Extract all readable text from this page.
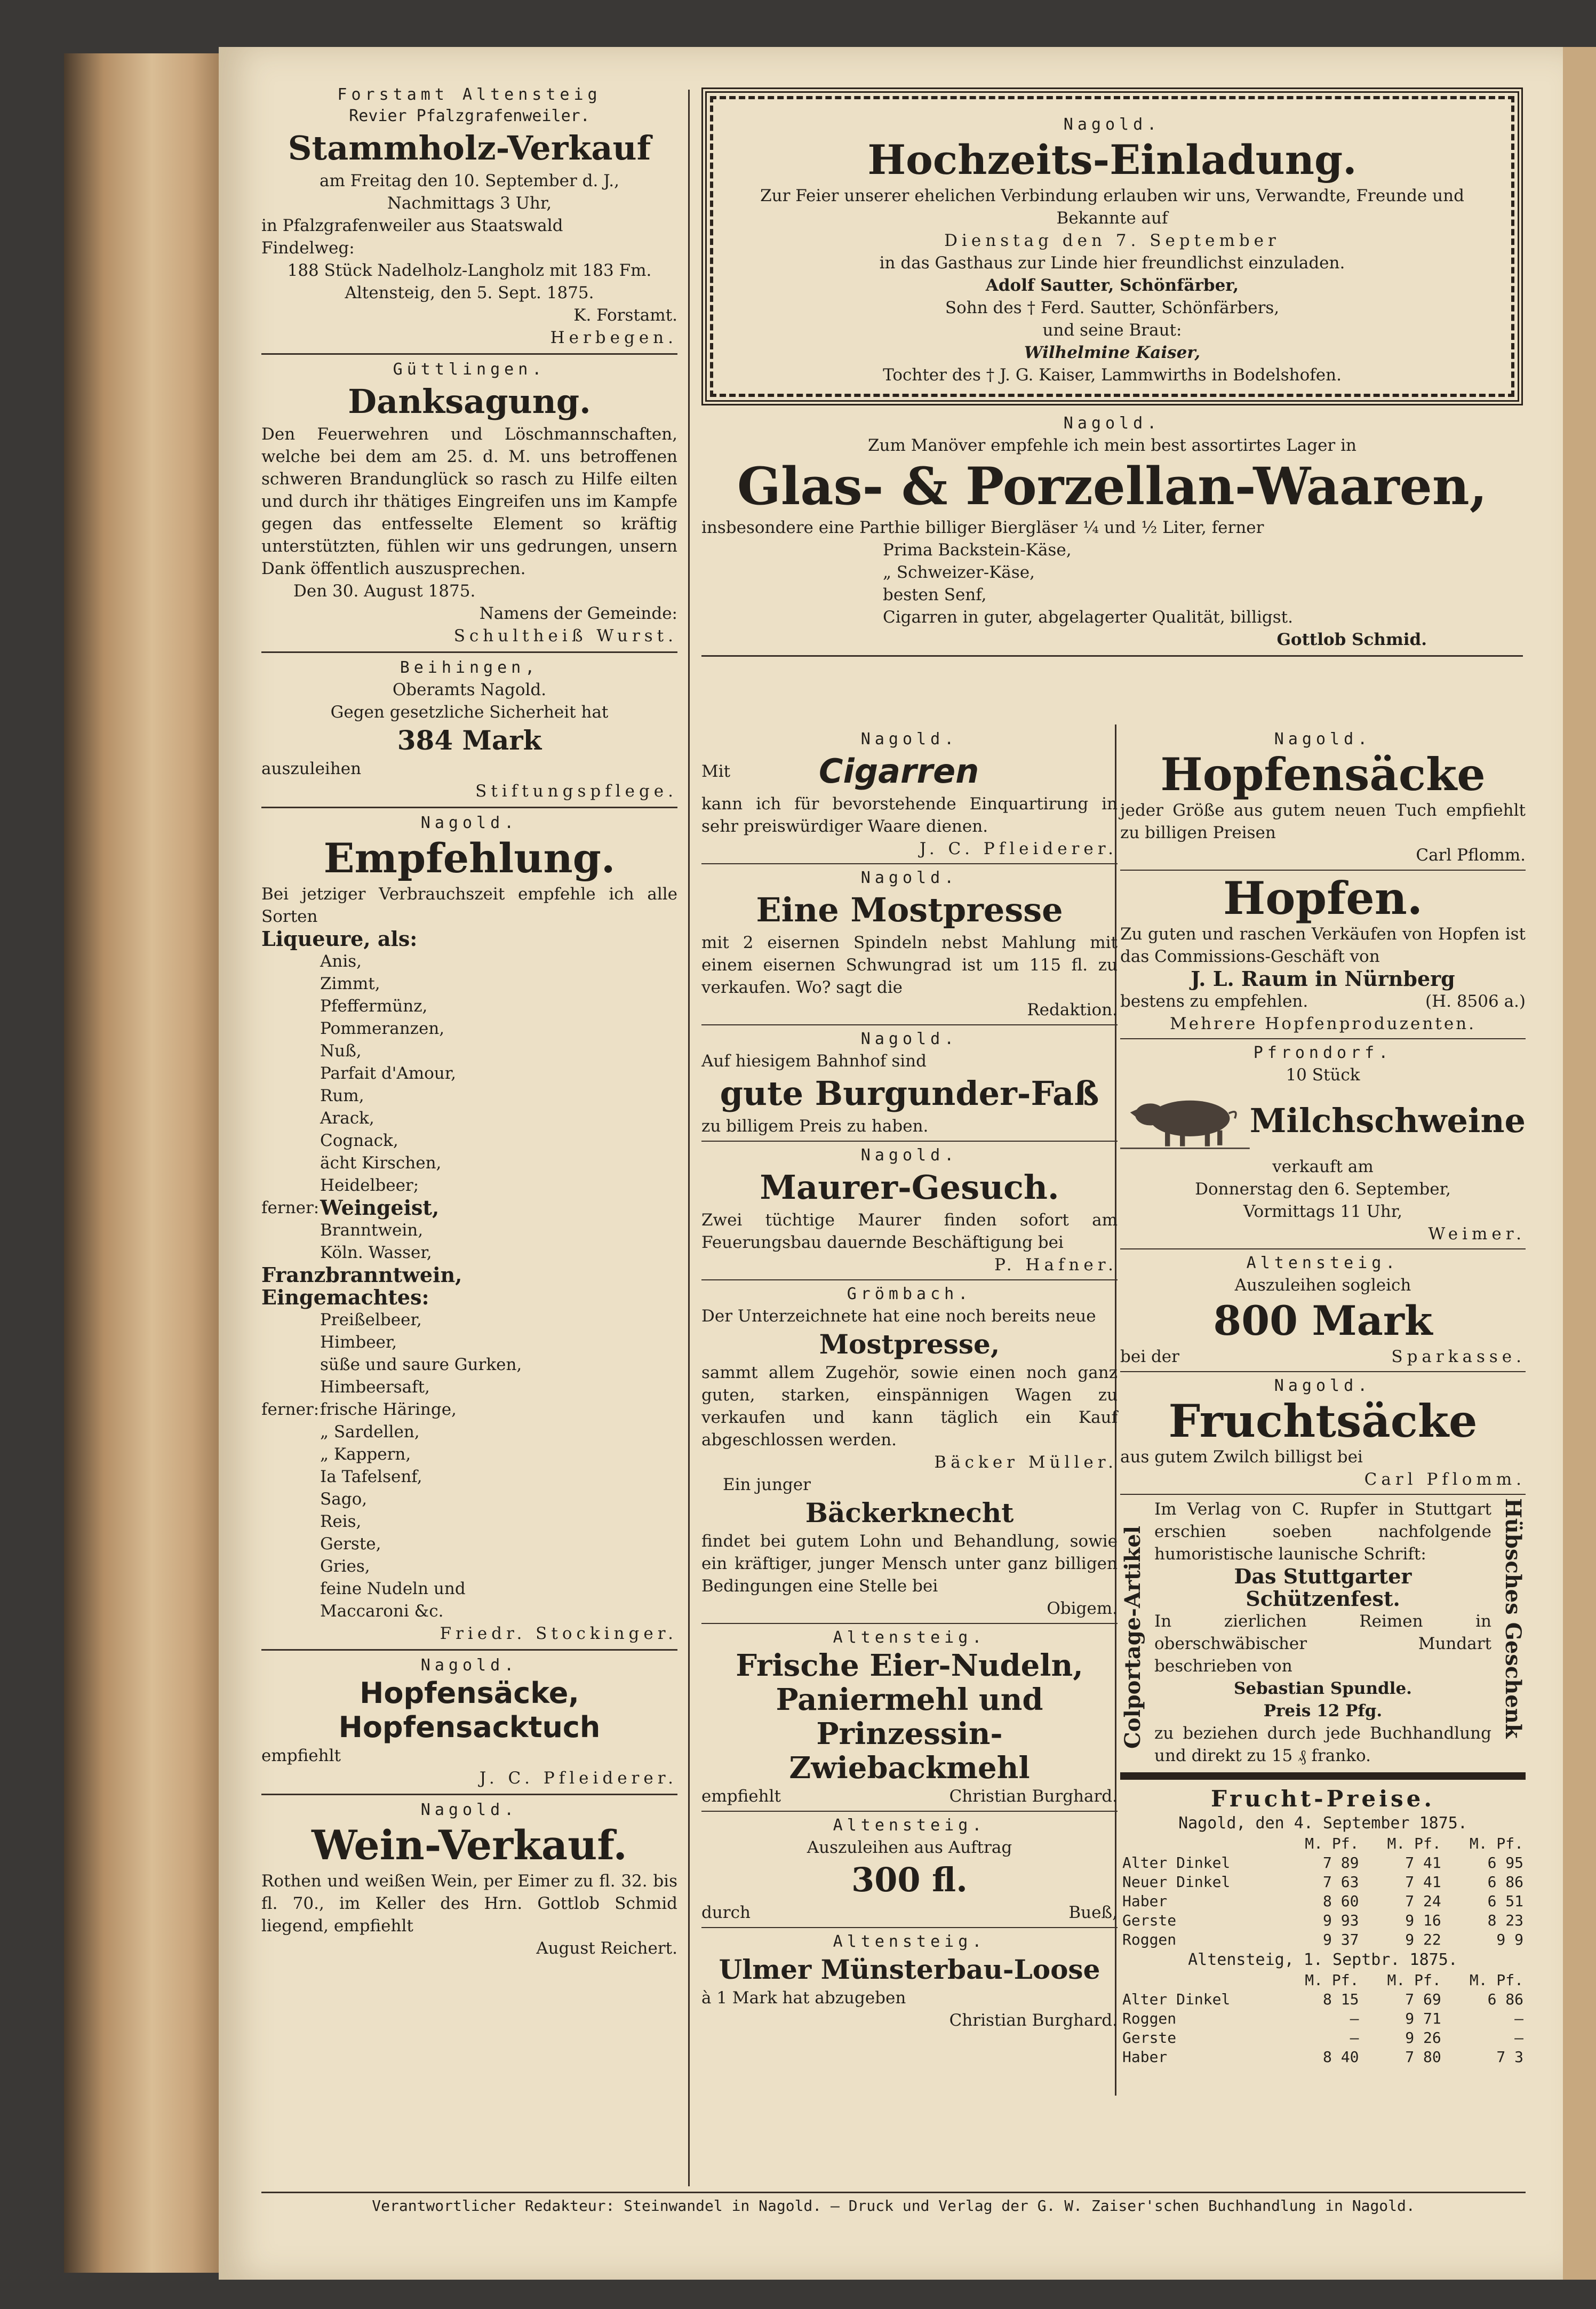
Forstamt Altensteig
Revier Pfalzgrafenweiler.
Stammholz-Verkauf
am Freitag den 10. September d. J.,
Nachmittags 3 Uhr,
in Pfalzgrafenweiler aus Staatswald
Findelweg:
188 Stück Nadelholz-Langholz mit 183 Fm.
Altensteig, den 5. Sept. 1875.
K. Forstamt.
Herbegen.
Güttlingen.
Danksagung.
Den Feuerwehren und Löschmannschaften, welche bei dem am 25. d. M. uns betroffenen schweren Brandunglück so rasch zu Hilfe eilten und durch ihr thätiges Eingreifen uns im Kampfe gegen das entfesselte Element so kräftig unterstützten, fühlen wir uns gedrungen, unsern Dank öffentlich auszusprechen.
Den 30. August 1875.
Namens der Gemeinde:
Schultheiß Wurst.
Beihingen,
Oberamts Nagold.
Gegen gesetzliche Sicherheit hat
384 Mark
auszuleihen
Stiftungspflege.
Nagold.
Empfehlung.
Bei jetziger Verbrauchszeit empfehle ich alle Sorten
Liqueure, als:
Anis,
Zimmt,
Pfeffermünz,
Pommeranzen,
Nuß,
Parfait d'Amour,
Rum,
Arack,
Cognack,
ächt Kirschen,
Heidelbeer;
ferner: Weingeist,
Branntwein,
Köln. Wasser,
Franzbranntwein,
Eingemachtes:
Preißelbeer,
Himbeer,
süße und saure Gurken,
Himbeersaft,
ferner: frische Häringe,
„ Sardellen,
„ Kappern,
Ia Tafelsenf,
Sago,
Reis,
Gerste,
Gries,
feine Nudeln und
Maccaroni &c.
Friedr. Stockinger.
Nagold.
Hopfensäcke,
Hopfensacktuch
empfiehlt
J. C. Pfleiderer.
Nagold.
Wein-Verkauf.
Rothen und weißen Wein, per Eimer zu fl. 32. bis fl. 70., im Keller des Hrn. Gottlob Schmid liegend, empfiehlt
August Reichert.
Nagold.
Hochzeits-Einladung.
Zur Feier unserer ehelichen Verbindung erlauben wir uns, Verwandte, Freunde und Bekannte auf
Dienstag den 7. September
in das Gasthaus zur Linde hier freundlichst einzuladen.
Adolf Sautter, Schönfärber,
Sohn des † Ferd. Sautter, Schönfärbers,
und seine Braut:
Wilhelmine Kaiser,
Tochter des † J. G. Kaiser, Lammwirths in Bodelshofen.
Nagold.
Zum Manöver empfehle ich mein best assortirtes Lager in
Glas- & Porzellan-Waaren,
insbesondere eine Parthie billiger Biergläser ¼ und ½ Liter, ferner
Prima Backstein-Käse,
„ Schweizer-Käse,
besten Senf,
Cigarren in guter, abgelagerter Qualität, billigst.
Gottlob Schmid.
Nagold.
Mit	Cigarren
kann ich für bevorstehende Einquartirung in sehr preiswürdiger Waare dienen.
J. C. Pfleiderer.
Nagold.
Eine Mostpresse
mit 2 eisernen Spindeln nebst Mahlung mit einem eisernen Schwungrad ist um 115 fl. zu verkaufen. Wo? sagt die
Redaktion.
Nagold.
Auf hiesigem Bahnhof sind
gute Burgunder-Faß
zu billigem Preis zu haben.
Nagold.
Maurer-Gesuch.
Zwei tüchtige Maurer finden sofort am Feuerungsbau dauernde Beschäftigung bei
P. Hafner.
Grömbach.
Der Unterzeichnete hat eine noch bereits neue
Mostpresse,
sammt allem Zugehör, sowie einen noch ganz guten, starken, einspännigen Wagen zu verkaufen und kann täglich ein Kauf abgeschlossen werden.
Bäcker Müller.
Ein junger
Bäckerknecht
findet bei gutem Lohn und Behandlung, sowie ein kräftiger, junger Mensch unter ganz billigen Bedingungen eine Stelle bei
Obigem.
Altensteig.
Frische Eier-Nudeln,
Paniermehl und
Prinzessin-Zwiebackmehl
empfiehlt	Christian Burghard.
Altensteig.
Auszuleihen aus Auftrag
300 fl.
durch	Bueß,
Altensteig.
Ulmer Münsterbau-Loose
à 1 Mark hat abzugeben
Christian Burghard.
Nagold.
Hopfensäcke
jeder Größe aus gutem neuen Tuch empfiehlt zu billigen Preisen
Carl Pflomm.
Hopfen.
Zu guten und raschen Verkäufen von Hopfen ist das Commissions-Geschäft von
J. L. Raum in Nürnberg
bestens zu empfehlen.	(H. 8506 a.)
Mehrere Hopfenproduzenten.
Pfrondorf.
10 Stück
Milchschweine
verkauft am
Donnerstag den 6. September,
Vormittags 11 Uhr,
Weimer.
Altensteig.
Auszuleihen sogleich
800 Mark
bei der	Sparkasse.
Nagold.
Fruchtsäcke
aus gutem Zwilch billigst bei
Carl Pflomm.
Colportage-Artikel	Hübsches Geschenk
Im Verlag von C. Rupfer in Stuttgart erschien soeben nachfolgende humoristische launische Schrift:
Das Stuttgarter Schützenfest.
In zierlichen Reimen in oberschwäbischer Mundart beschrieben von
Sebastian Spundle.
Preis 12 Pfg.
zu beziehen durch jede Buchhandlung und direkt zu 15 ₰ franko.
Frucht-Preise.
Nagold, den 4. September 1875.
	M. Pf.	M. Pf.	M. Pf.
Alter Dinkel	7 89	7 41	6 95
Neuer Dinkel	7 63	7 41	6 86
Haber	8 60	7 24	6 51
Gerste	9 93	9 16	8 23
Roggen	9 37	9 22	9 9
Altensteig, 1. Septbr. 1875.
	M. Pf.	M. Pf.	M. Pf.
Alter Dinkel	8 15	7 69	6 86
Roggen	—	9 71	—
Gerste	—	9 26	—
Haber	8 40	7 80	7 3
Verantwortlicher Redakteur: Steinwandel in Nagold. — Druck und Verlag der G. W. Zaiser'schen Buchhandlung in Nagold.
